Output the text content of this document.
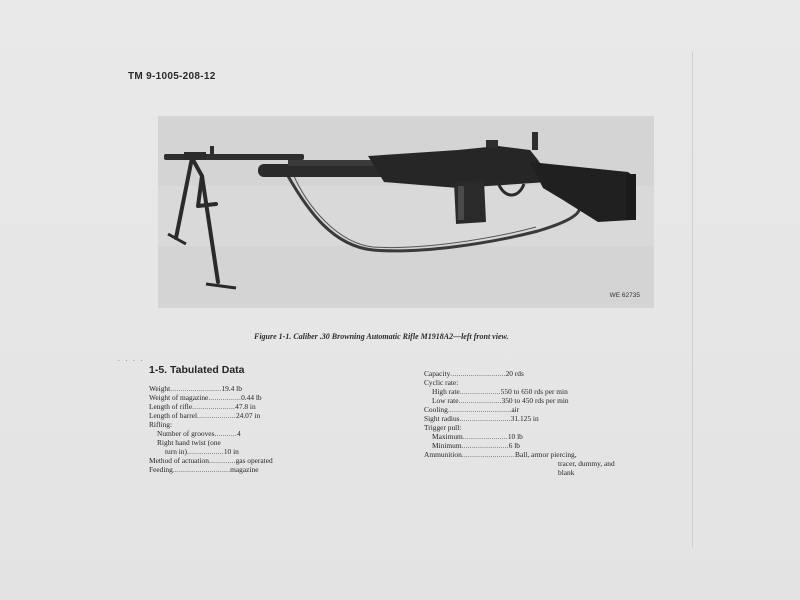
TM 9-1005-208-12
WE 62735
Figure 1-1. Caliber .30 Browning Automatic Rifle M1918A2—left front view.
. . . .
1-5. Tabulated Data
Weight ......................... 19.4 lb
Weight of magazine ................ 0.44 lb
Length of rifle ..................... 47.8 in
Length of barrel ................... 24.07 in
Rifling:
Number of grooves ........... 4
Right hand twist (one
turn in) .................. 10 in
Method of actuation ............. gas operated
Feeding ............................ magazine
Capacity ........................... 20 rds
Cyclic rate:
High rate .................... 550 to 650 rds per min
Low rate ..................... 350 to 450 rds per min
Cooling ............................... air
Sight radius ......................... 31.125 in
Trigger pull:
Maximum ...................... 10 lb
Minimum ....................... 6 lb
Ammunition .......................... Ball, armor piercing,
tracer, dummy, and
blank
